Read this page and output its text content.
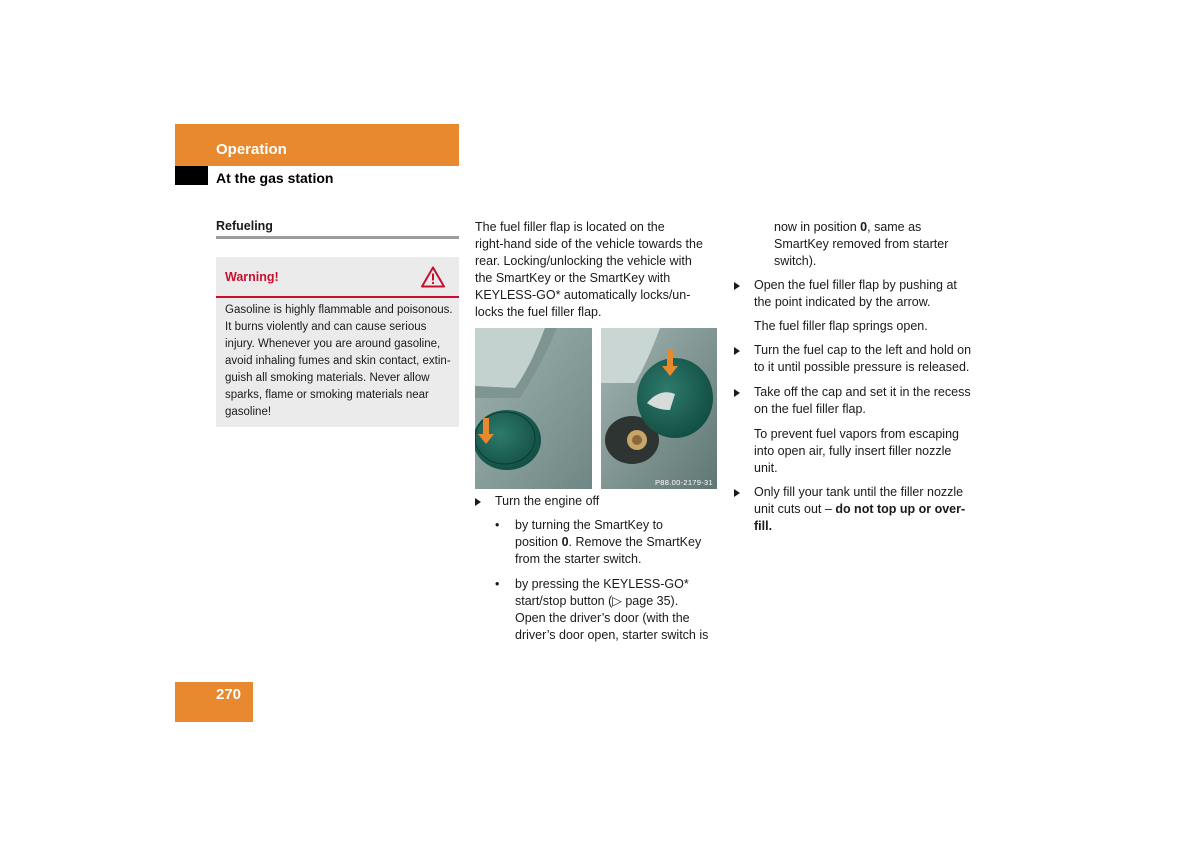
Operation
At the gas station
Refueling
Warning!
Gasoline is highly flammable and poisonous.
It burns violently and can cause serious
injury. Whenever you are around gasoline,
avoid inhaling fumes and skin contact, extin-
guish all smoking materials. Never allow
sparks, flame or smoking materials near
gasoline!
The fuel filler flap is located on the
right-hand side of the vehicle towards the
rear. Locking/unlocking the vehicle with
the SmartKey or the SmartKey with
KEYLESS-GO* automatically locks/un-
locks the fuel filler flap.
P88.00-2179-31
Turn the engine off
• by turning the SmartKey to
position 0. Remove the SmartKey
from the starter switch.
• by pressing the KEYLESS-GO*
start/stop button (▷ page 35).
Open the driver’s door (with the
driver’s door open, starter switch is
now in position 0, same as
SmartKey removed from starter
switch).
Open the fuel filler flap by pushing at
the point indicated by the arrow.
The fuel filler flap springs open.
Turn the fuel cap to the left and hold on
to it until possible pressure is released.
Take off the cap and set it in the recess
on the fuel filler flap.
To prevent fuel vapors from escaping
into open air, fully insert filler nozzle
unit.
Only fill your tank until the filler nozzle
unit cuts out – do not top up or over-
fill.
270
